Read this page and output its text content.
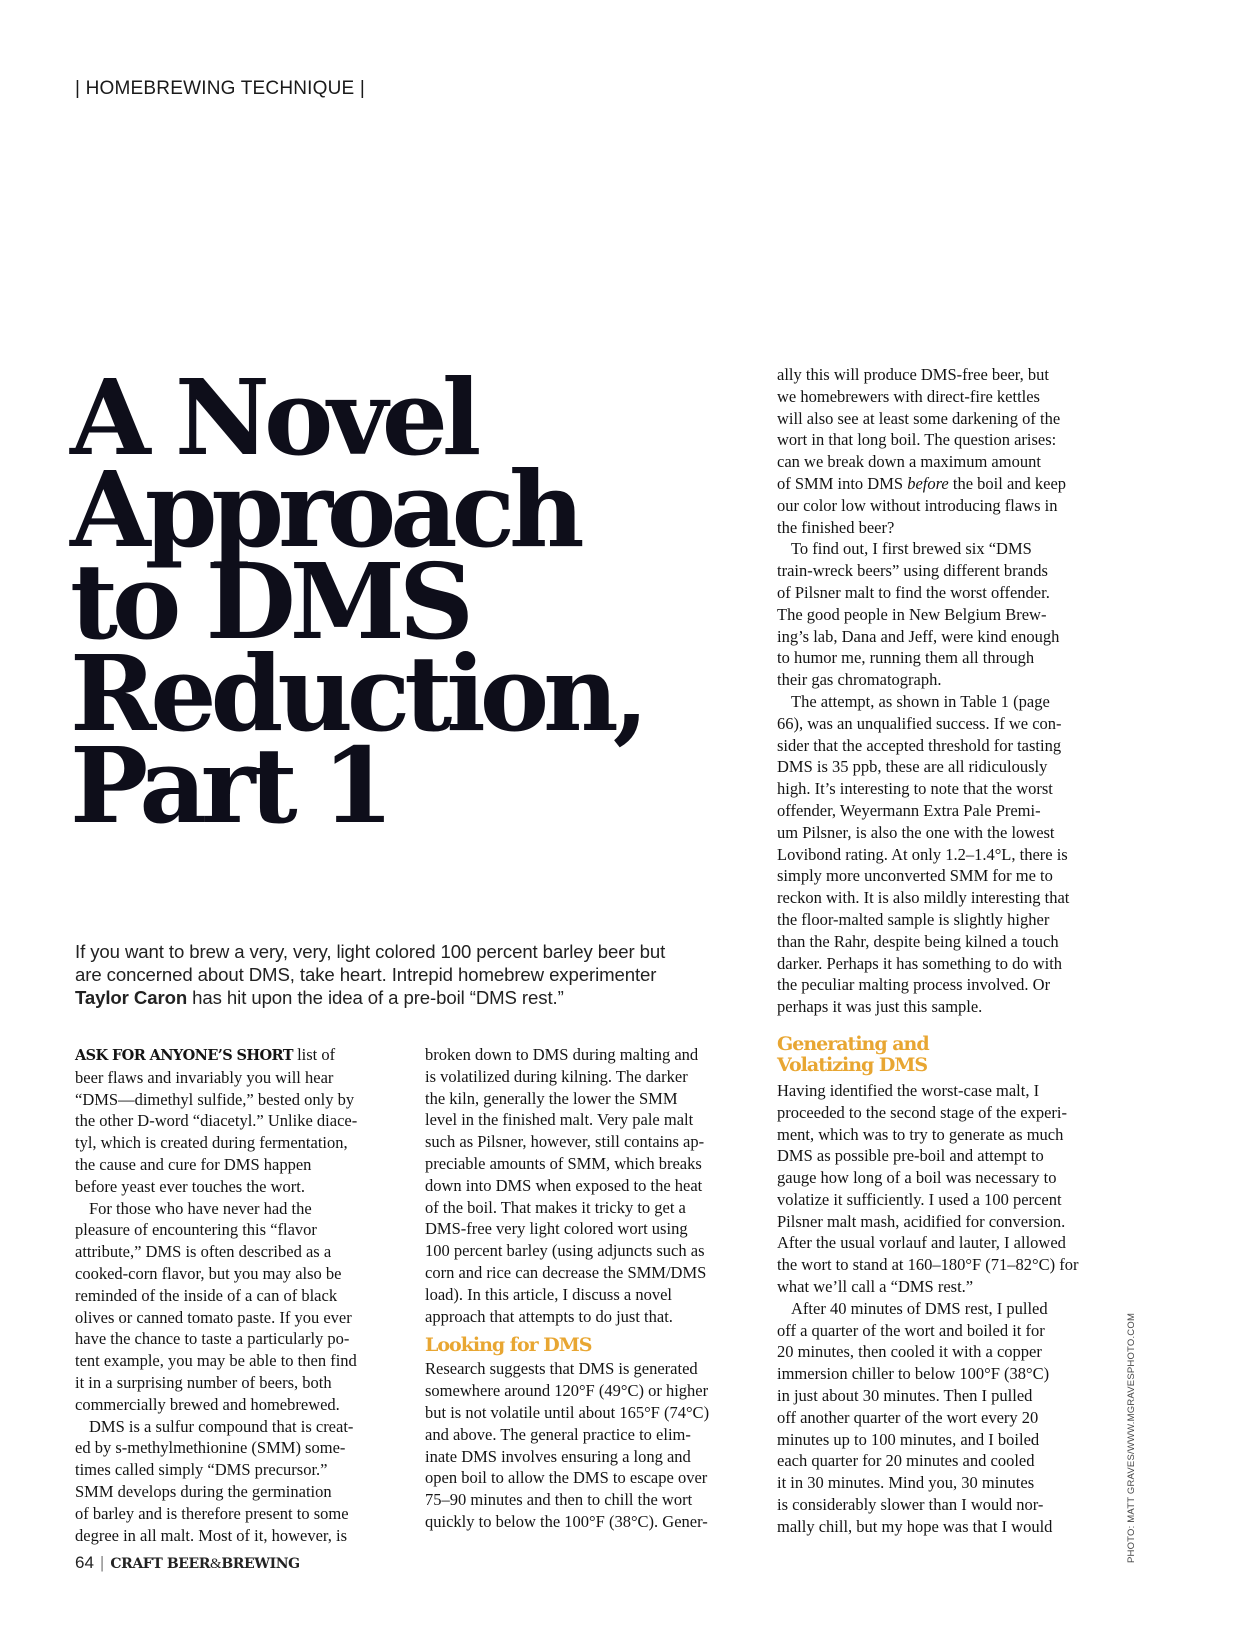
| HOMEBREWING TECHNIQUE |
A Novel
Approach
to DMS
Reduction,
Part 1
If you want to brew a very, very, light colored 100 percent barley beer but
are concerned about DMS, take heart. Intrepid homebrew experimenter
Taylor Caron has hit upon the idea of a pre-boil “DMS rest.”
ASK FOR ANYONE’S SHORT list of
beer flaws and invariably you will hear
“DMS—dimethyl sulfide,” bested only by
the other D-word “diacetyl.” Unlike diace-
tyl, which is created during fermentation,
the cause and cure for DMS happen
before yeast ever touches the wort.
For those who have never had the
pleasure of encountering this “flavor
attribute,” DMS is often described as a
cooked-corn flavor, but you may also be
reminded of the inside of a can of black
olives or canned tomato paste. If you ever
have the chance to taste a particularly po-
tent example, you may be able to then find
it in a surprising number of beers, both
commercially brewed and homebrewed.
DMS is a sulfur compound that is creat-
ed by s-methylmethionine (SMM) some-
times called simply “DMS precursor.”
SMM develops during the germination
of barley and is therefore present to some
degree in all malt. Most of it, however, is
broken down to DMS during malting and
is volatilized during kilning. The darker
the kiln, generally the lower the SMM
level in the finished malt. Very pale malt
such as Pilsner, however, still contains ap-
preciable amounts of SMM, which breaks
down into DMS when exposed to the heat
of the boil. That makes it tricky to get a
DMS-free very light colored wort using
100 percent barley (using adjuncts such as
corn and rice can decrease the SMM/DMS
load). In this article, I discuss a novel
approach that attempts to do just that.
Looking for DMS
Research suggests that DMS is generated
somewhere around 120°F (49°C) or higher
but is not volatile until about 165°F (74°C)
and above. The general practice to elim-
inate DMS involves ensuring a long and
open boil to allow the DMS to escape over
75–90 minutes and then to chill the wort
quickly to below the 100°F (38°C). Gener-
ally this will produce DMS-free beer, but
we homebrewers with direct-fire kettles
will also see at least some darkening of the
wort in that long boil. The question arises:
can we break down a maximum amount
of SMM into DMS before the boil and keep
our color low without introducing flaws in
the finished beer?
To find out, I first brewed six “DMS
train-wreck beers” using different brands
of Pilsner malt to find the worst offender.
The good people in New Belgium Brew-
ing’s lab, Dana and Jeff, were kind enough
to humor me, running them all through
their gas chromatograph.
The attempt, as shown in Table 1 (page
66), was an unqualified success. If we con-
sider that the accepted threshold for tasting
DMS is 35 ppb, these are all ridiculously
high. It’s interesting to note that the worst
offender, Weyermann Extra Pale Premi-
um Pilsner, is also the one with the lowest
Lovibond rating. At only 1.2–1.4°L, there is
simply more unconverted SMM for me to
reckon with. It is also mildly interesting that
the floor-malted sample is slightly higher
than the Rahr, despite being kilned a touch
darker. Perhaps it has something to do with
the peculiar malting process involved. Or
perhaps it was just this sample.
Generating and
Volatizing DMS
Having identified the worst-case malt, I
proceeded to the second stage of the experi-
ment, which was to try to generate as much
DMS as possible pre-boil and attempt to
gauge how long of a boil was necessary to
volatize it sufficiently. I used a 100 percent
Pilsner malt mash, acidified for conversion.
After the usual vorlauf and lauter, I allowed
the wort to stand at 160–180°F (71–82°C) for
what we’ll call a “DMS rest.”
After 40 minutes of DMS rest, I pulled
off a quarter of the wort and boiled it for
20 minutes, then cooled it with a copper
immersion chiller to below 100°F (38°C)
in just about 30 minutes. Then I pulled
off another quarter of the wort every 20
minutes up to 100 minutes, and I boiled
each quarter for 20 minutes and cooled
it in 30 minutes. Mind you, 30 minutes
is considerably slower than I would nor-
mally chill, but my hope was that I would
64 | CRAFT BEER&BREWING
PHOTO: MATT GRAVES/WWW.MGRAVESPHOTO.COM
